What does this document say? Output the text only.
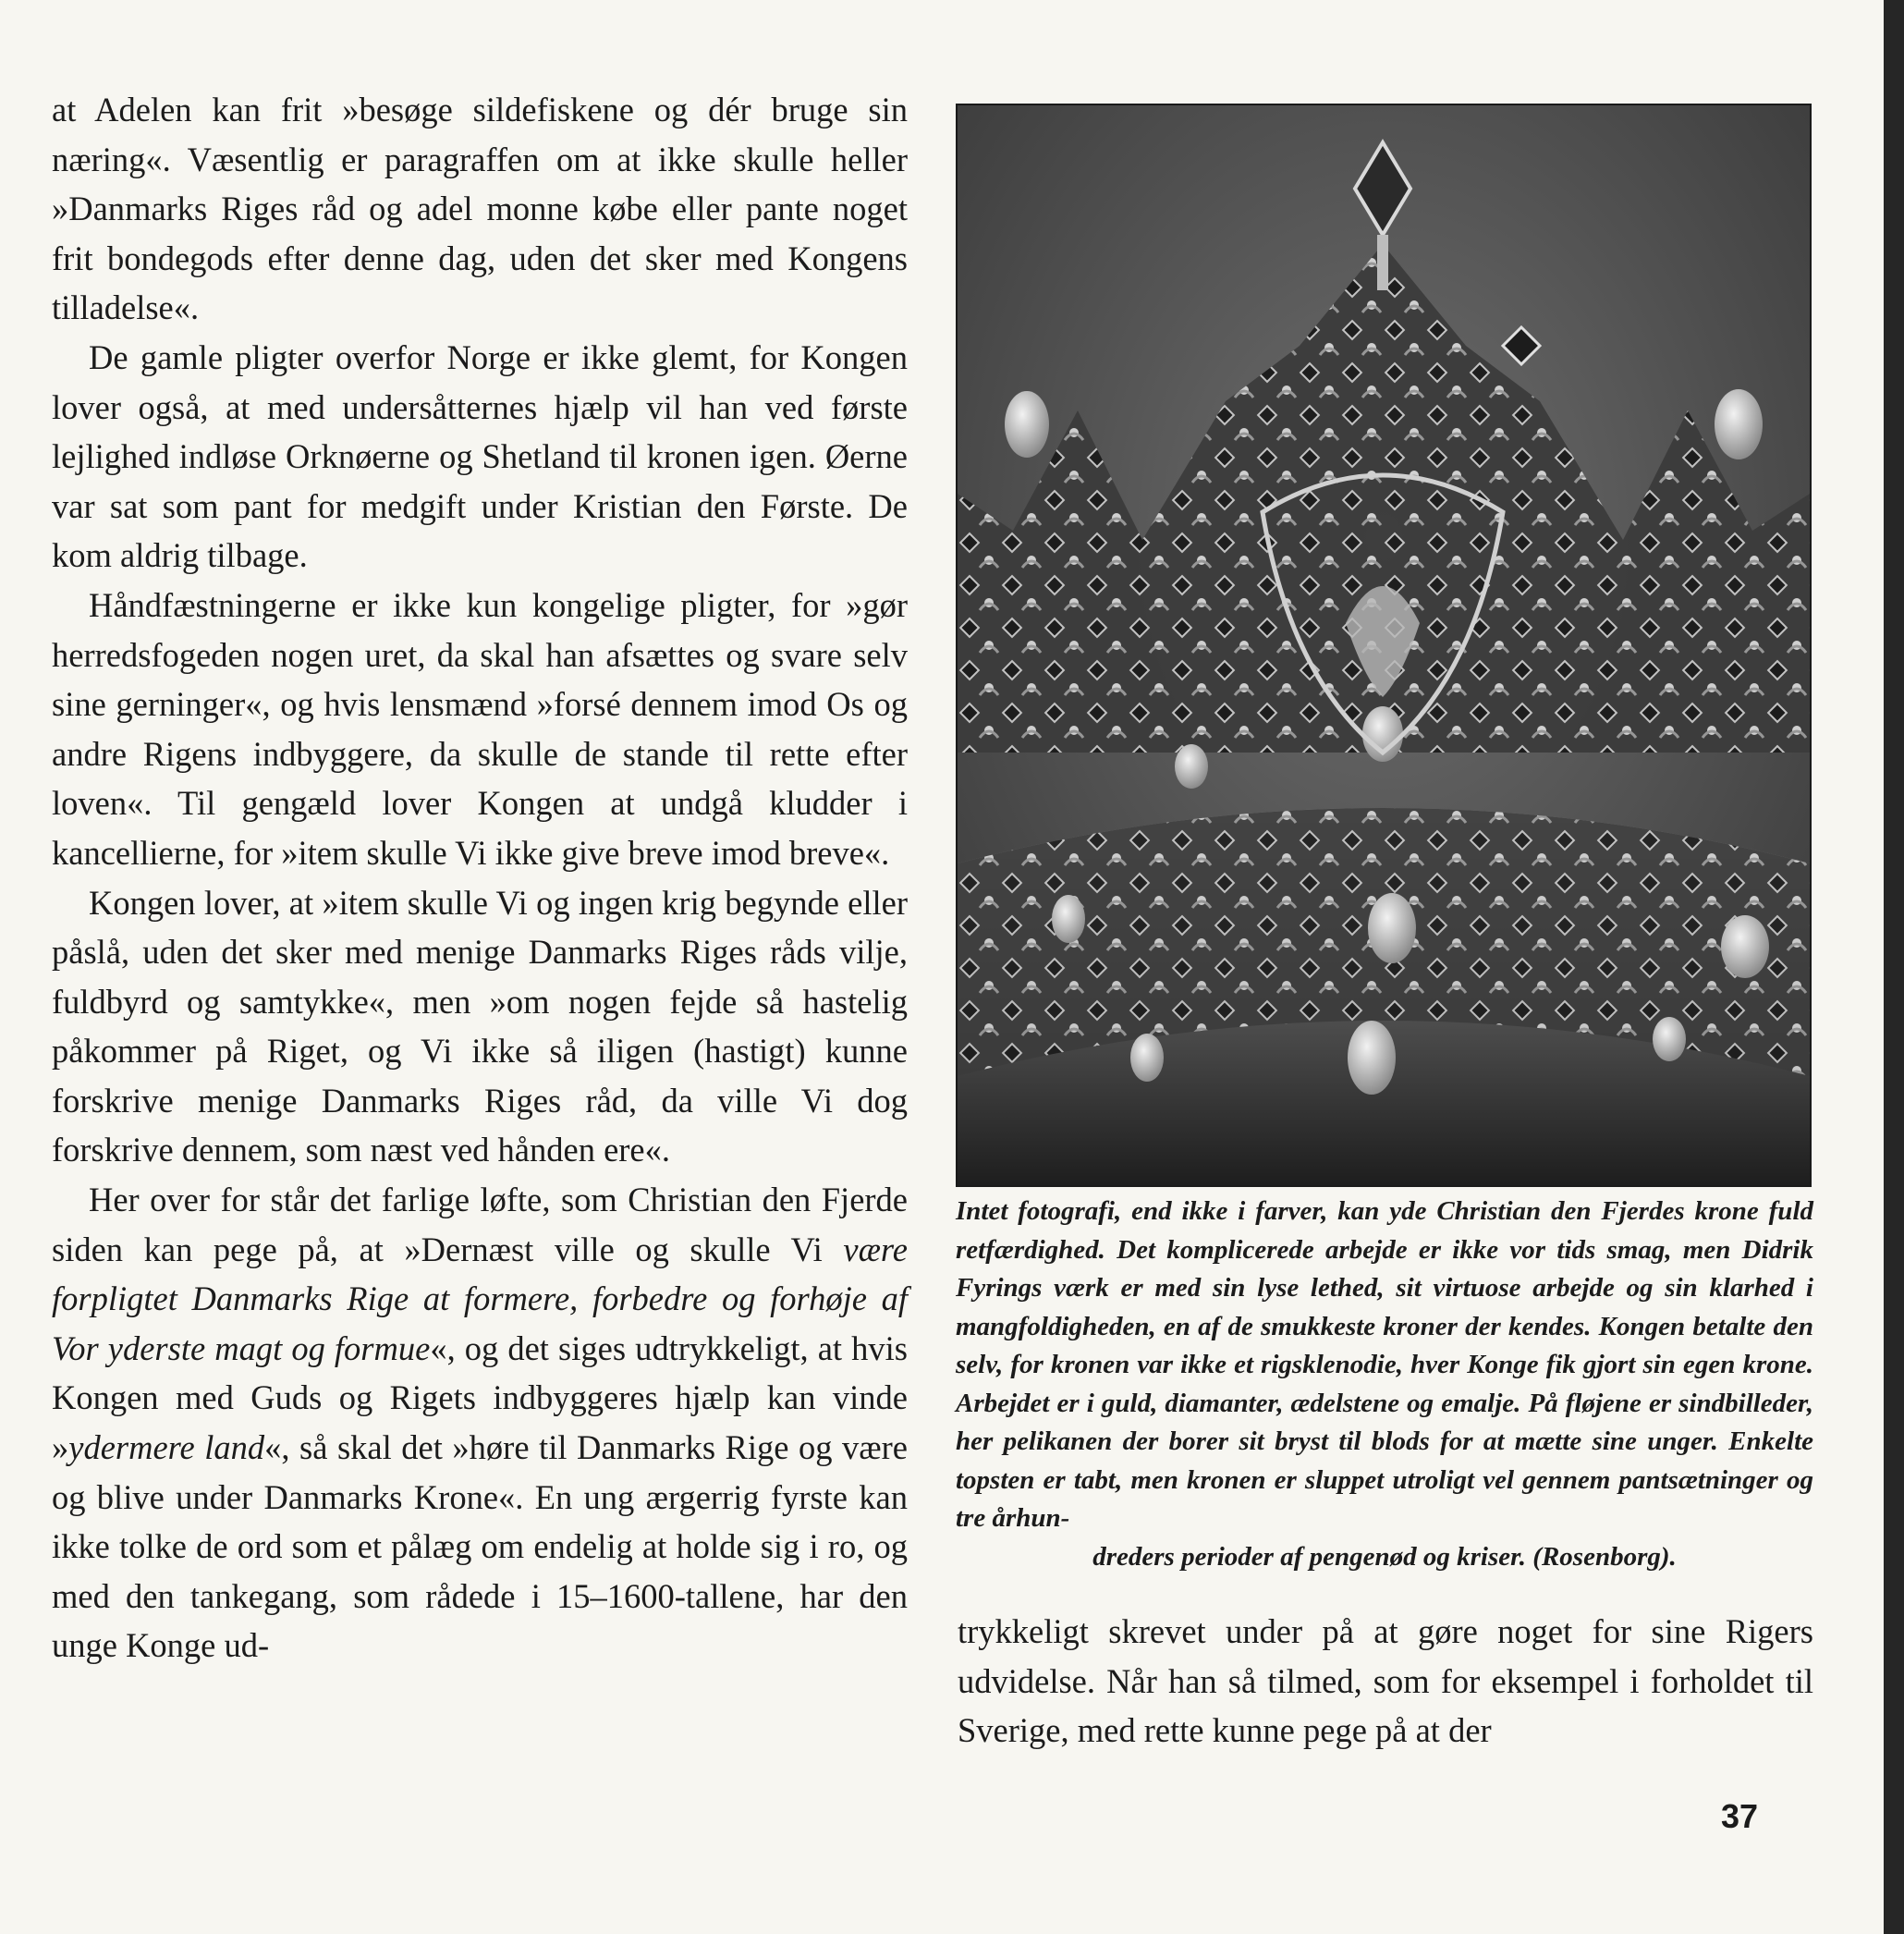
at Adelen kan frit »besøge sildefiskene og dér bruge sin næring«. Væsentlig er paragraffen om at ikke skulle heller »Danmarks Riges råd og adel monne købe eller pante noget frit bondegods efter denne dag, uden det sker med Kongens tilladelse«.

De gamle pligter overfor Norge er ikke glemt, for Kongen lover også, at med undersåtternes hjælp vil han ved første lejlighed indløse Orknøerne og Shetland til kronen igen. Øerne var sat som pant for medgift under Kristian den Første. De kom aldrig tilbage.

Håndfæstningerne er ikke kun kongelige pligter, for »gør herredsfogeden nogen uret, da skal han afsættes og svare selv sine gerninger«, og hvis lensmænd »forsé dennem imod Os og andre Rigens indbyggere, da skulle de stande til rette efter loven«. Til gengæld lover Kongen at undgå kludder i kancellierne, for »item skulle Vi ikke give breve imod breve«.

Kongen lover, at »item skulle Vi og ingen krig begynde eller påslå, uden det sker med menige Danmarks Riges råds vilje, fuldbyrd og samtykke«, men »om nogen fejde så hastelig påkommer på Riget, og Vi ikke så iligen (hastigt) kunne forskrive menige Danmarks Riges råd, da ville Vi dog forskrive dennem, som næst ved hånden ere«.

Her over for står det farlige løfte, som Christian den Fjerde siden kan pege på, at »Dernæst ville og skulle Vi være forpligtet Danmarks Rige at formere, forbedre og forhøje af Vor yderste magt og formue«, og det siges udtrykkeligt, at hvis Kongen med Guds og Rigets indbyggeres hjælp kan vinde »ydermere land«, så skal det »høre til Danmarks Rige og være og blive under Danmarks Krone«. En ung ærgerrig fyrste kan ikke tolke de ord som et pålæg om endelig at holde sig i ro, og med den tankegang, som rådede i 15–1600-tallene, har den unge Konge ud-

Intet fotografi, end ikke i farver, kan yde Christian den Fjerdes krone fuld retfærdighed. Det komplicerede arbejde er ikke vor tids smag, men Didrik Fyrings værk er med sin lyse lethed, sit virtuose arbejde og sin klarhed i mangfoldigheden, en af de smukkeste kroner der kendes. Kongen betalte den selv, for kronen var ikke et rigsklenodie, hver Konge fik gjort sin egen krone. Arbejdet er i guld, diamanter, ædelstene og emalje. På fløjene er sindbilleder, her pelikanen der borer sit bryst til blods for at mætte sine unger. Enkelte topsten er tabt, men kronen er sluppet utroligt vel gennem pantsætninger og tre århun-
dreders perioder af pengenød og kriser. (Rosenborg).
trykkeligt skrevet under på at gøre noget for sine Rigers udvidelse. Når han så tilmed, som for eksempel i forholdet til Sverige, med rette kunne pege på at der
37
